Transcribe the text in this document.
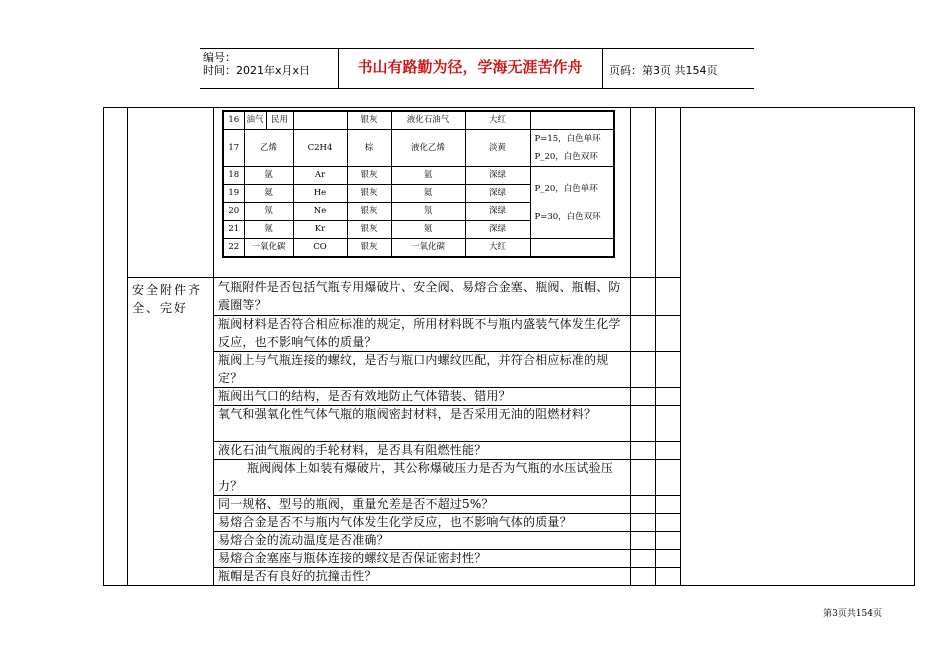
编号：
时间：2021年x月x日	书山有路勤为径，学海无涯苦作舟	页码：第3页 共154页
16	油气	民用		银灰	液化石油气	大红	
17	乙烯		C2H4	棕	液化乙烯	淡黄	P=15，白色单环
P_20，白色双环
18	氩		Ar	银灰	氩	深绿	P_20，白色单环
P=30，白色双环

19	氦		He	银灰	氦	深绿	
20	氖		Ne	银灰	氖	深绿	
21	氪		Kr	银灰	氪	深绿	
22	一氧化碳		CO	银灰	一氧化碳	大红	
安全附件齐全、完好
气瓶附件是否包括气瓶专用爆破片、安全阀、易熔合金塞、瓶阀、瓶帽、防震圈等？
瓶阀材料是否符合相应标准的规定，所用材料既不与瓶内盛装气体发生化学反应，也不影响气体的质量？
瓶阀上与气瓶连接的螺纹，是否与瓶口内螺纹匹配，并符合相应标准的规定？
瓶阀出气口的结构，是否有效地防止气体错装、错用？
氧气和强氧化性气体气瓶的瓶阀密封材料，是否采用无油的阻燃材料？
液化石油气瓶阀的手轮材料，是否具有阻燃性能？
瓶阀阀体上如装有爆破片，其公称爆破压力是否为气瓶的水压试验压力？
同一规格、型号的瓶阀，重量允差是否不超过5%？
易熔合金是否不与瓶内气体发生化学反应，也不影响气体的质量？
易熔合金的流动温度是否准确？
易熔合金塞座与瓶体连接的螺纹是否保证密封性？
瓶帽是否有良好的抗撞击性？
第3页共154页
